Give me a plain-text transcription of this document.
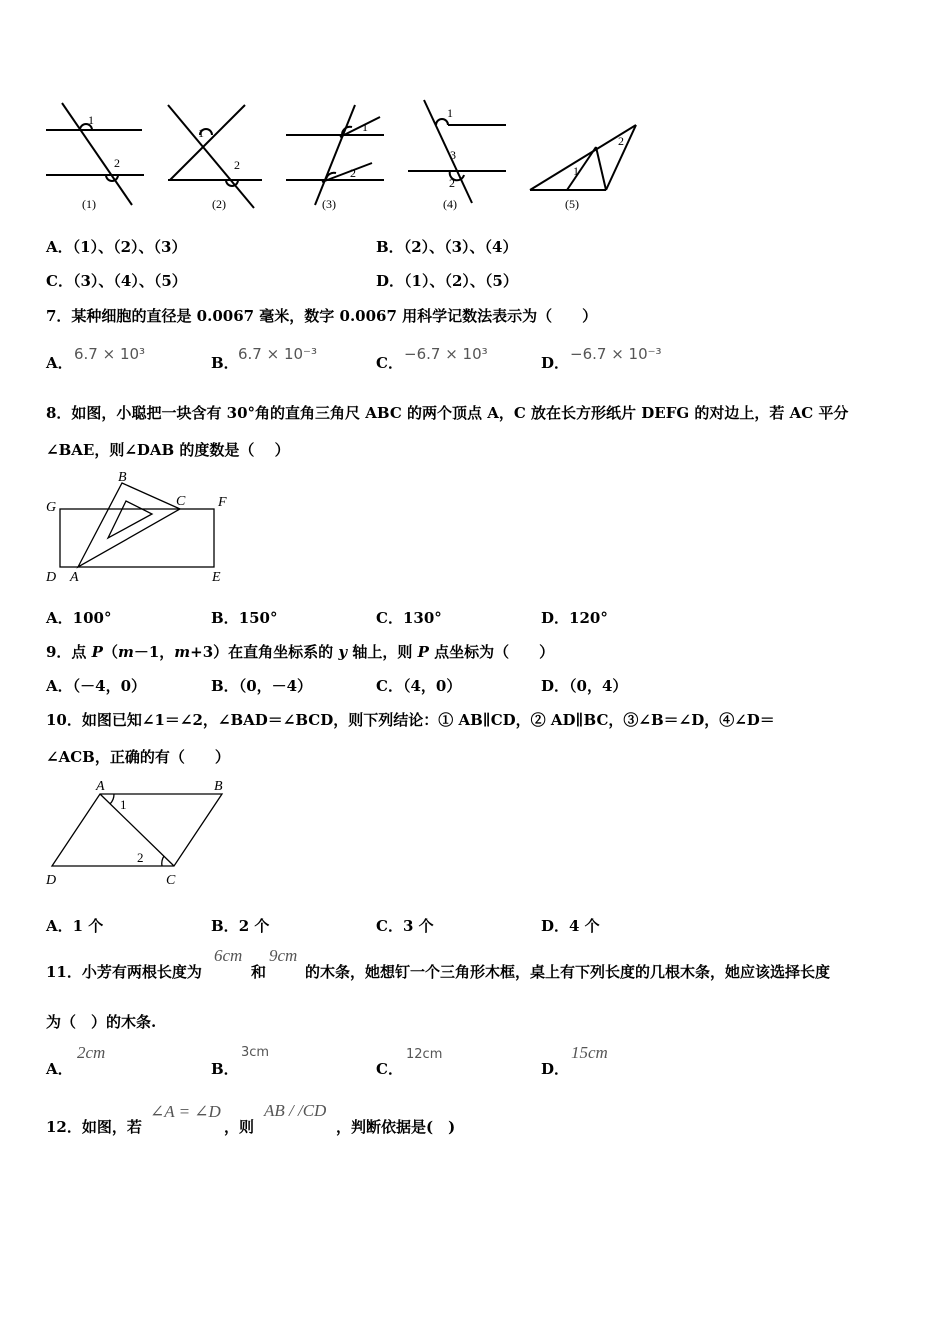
1
2
1
2
1
2
1
3
2
1
2
(1)	(2)	(3)	(4)	(5)
A．（1）、（2）、（3）	B．（2）、（3）、（4）
C．（3）、（4）、（5）	D．（1）、（2）、（5）
7．某种细胞的直径是 0.0067 毫米，数字 0.0067 用科学记数法表示为（　　）
A． 6.7 × 10³	B． 6.7 × 10⁻³	C． −6.7 × 10³	D． −6.7 × 10⁻³
8．如图，小聪把一块含有 30°角的直角三角尺 ABC 的两个顶点 A，C 放在长方形纸片 DEFG 的对边上，若 AC 平分
∠BAE，则∠DAB 的度数是（　 ）
G
B
C F
D A	E
A．100°	B．150°	C．130°	D．120°
9．点 P（m－1，m+3）在直角坐标系的 y 轴上，则 P 点坐标为（　　）
A．（－4，0）	B．（0，－4）	C．（4，0）	D．（0，4）
10．如图已知∠1＝∠2，∠BAD＝∠BCD，则下列结论：① AB∥CD，② AD∥BC，③∠B＝∠D，④∠D＝
∠ACB，正确的有（　　）
A	B
D	C
1
2
A．1 个	B．2 个	C．3 个	D．4 个
11．小芳有两根长度为
6cm
和
9cm
的木条，她想钉一个三角形木框，桌上有下列长度的几根木条，她应该选择长度
为（　）的木条.
A．
2cm
B．
3cm
C．
12cm
D．
15cm
12．如图，若
∠A = ∠D
，则
AB / /CD
，判断依据是(　)
